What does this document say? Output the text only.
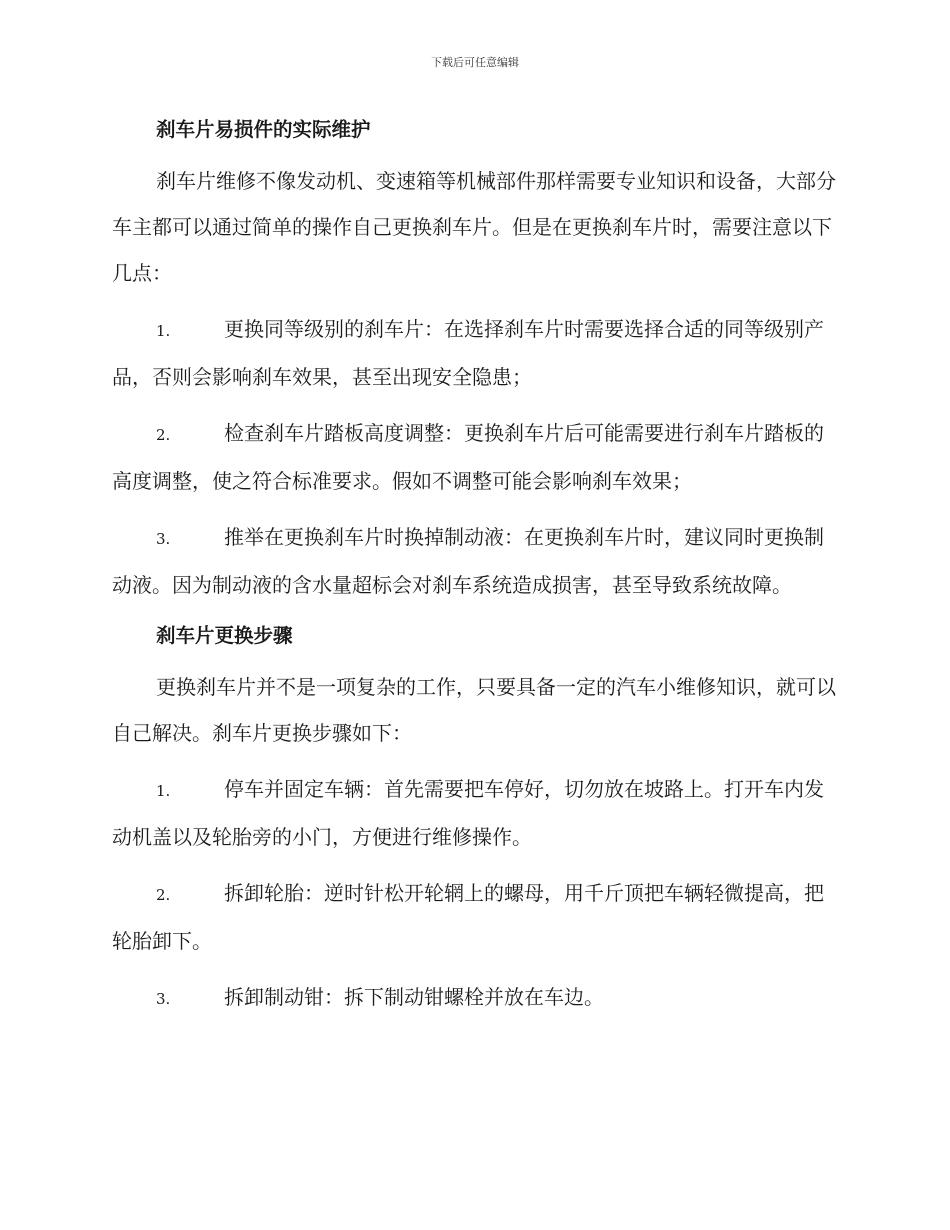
下载后可任意编辑
刹车片易损件的实际维护

刹车片维修不像发动机、变速箱等机械部件那样需要专业知识和设备，大部分车主都可以通过简单的操作自己更换刹车片。但是在更换刹车片时，需要注意以下几点：

1.	更换同等级别的刹车片：在选择刹车片时需要选择合适的同等级别产品，否则会影响刹车效果，甚至出现安全隐患；
2.	检查刹车片踏板高度调整：更换刹车片后可能需要进行刹车片踏板的高度调整，使之符合标准要求。假如不调整可能会影响刹车效果；
3.	推举在更换刹车片时换掉制动液：在更换刹车片时，建议同时更换制动液。因为制动液的含水量超标会对刹车系统造成损害，甚至导致系统故障。
刹车片更换步骤

更换刹车片并不是一项复杂的工作，只要具备一定的汽车小维修知识，就可以自己解决。刹车片更换步骤如下：

1.	停车并固定车辆：首先需要把车停好，切勿放在坡路上。打开车内发动机盖以及轮胎旁的小门，方便进行维修操作。
2.	拆卸轮胎：逆时针松开轮辋上的螺母，用千斤顶把车辆轻微提高，把轮胎卸下。
3.	拆卸制动钳：拆下制动钳螺栓并放在车边。
